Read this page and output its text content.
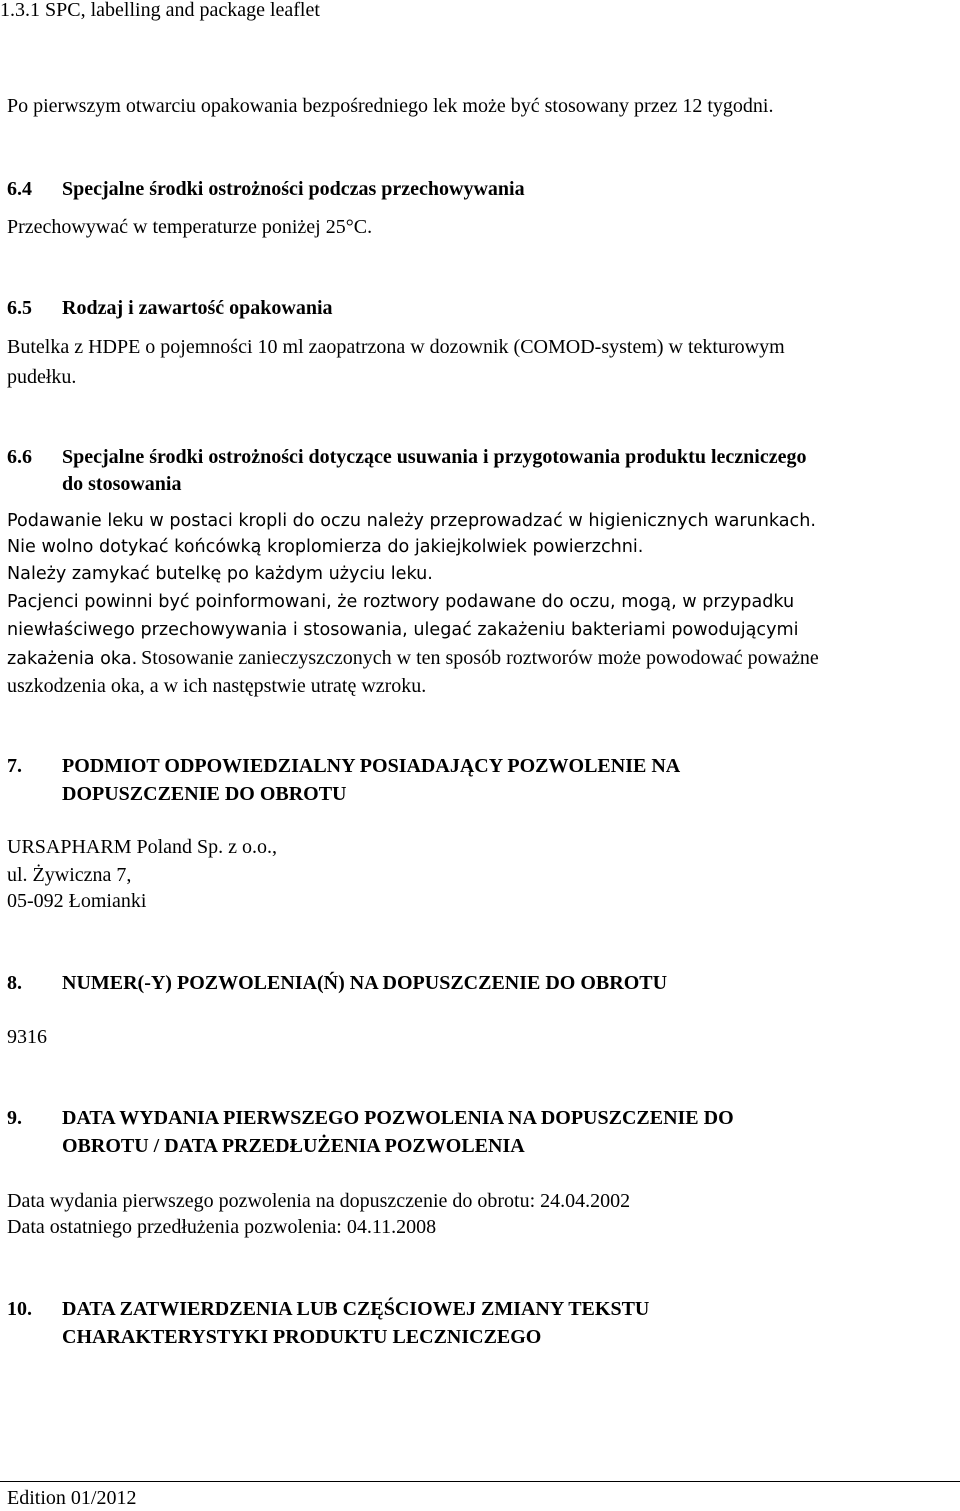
1.3.1 SPC, labelling and package leaflet
Po pierwszym otwarciu opakowania bezpośredniego lek może być stosowany przez 12 tygodni.
6.4 Specjalne środki ostrożności podczas przechowywania
Przechowywać w temperaturze poniżej 25°C.
6.5 Rodzaj i zawartość opakowania
Butelka z HDPE o pojemności 10 ml zaopatrzona w dozownik (COMOD-system) w tekturowym
pudełku.
6.6 Specjalne środki ostrożności dotyczące usuwania i przygotowania produktu leczniczego
do stosowania
Podawanie leku w postaci kropli do oczu należy przeprowadzać w higienicznych warunkach.
Nie wolno dotykać końcówką kroplomierza do jakiejkolwiek powierzchni.
Należy zamykać butelkę po każdym użyciu leku.
Pacjenci powinni być poinformowani, że roztwory podawane do oczu, mogą, w przypadku
niewłaściwego przechowywania i stosowania, ulegać zakażeniu bakteriami powodującymi
zakażenia oka. Stosowanie zanieczyszczonych w ten sposób roztworów może powodować poważne
uszkodzenia oka, a w ich następstwie utratę wzroku.
7. PODMIOT ODPOWIEDZIALNY POSIADAJĄCY POZWOLENIE NA
DOPUSZCZENIE DO OBROTU
URSAPHARM Poland Sp. z o.o.,
ul. Żywiczna 7,
05-092 Łomianki
8. NUMER(-Y) POZWOLENIA(Ń) NA DOPUSZCZENIE DO OBROTU
9316
9. DATA WYDANIA PIERWSZEGO POZWOLENIA NA DOPUSZCZENIE DO
OBROTU / DATA PRZEDŁUŻENIA POZWOLENIA
Data wydania pierwszego pozwolenia na dopuszczenie do obrotu: 24.04.2002
Data ostatniego przedłużenia pozwolenia: 04.11.2008
10. DATA ZATWIERDZENIA LUB CZĘŚCIOWEJ ZMIANY TEKSTU
CHARAKTERYSTYKI PRODUKTU LECZNICZEGO
Edition 01/2012
